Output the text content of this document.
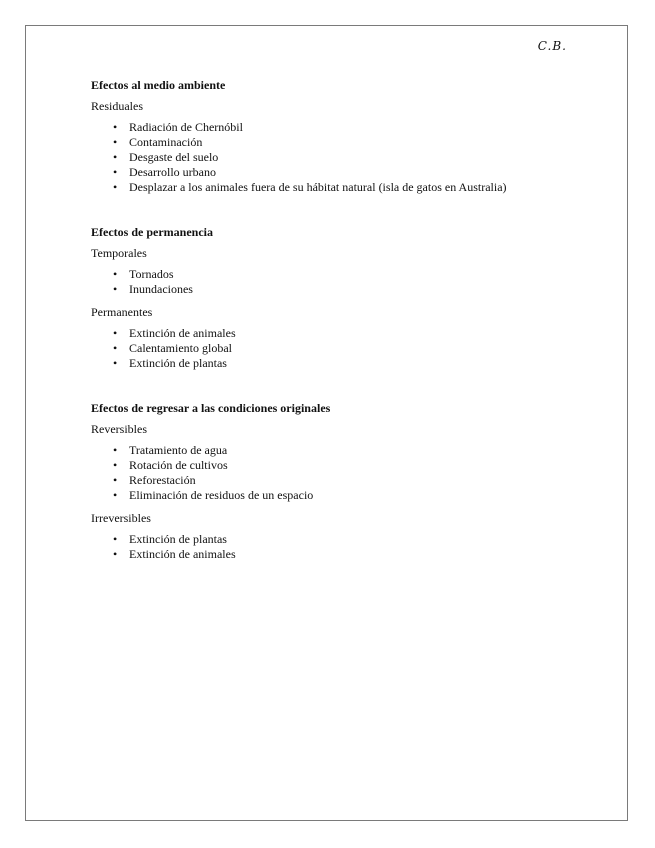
C.B.
Efectos al medio ambiente

Residuales

• Radiación de Chernóbil
• Contaminación
• Desgaste del suelo
• Desarrollo urbano
• Desplazar a los animales fuera de su hábitat natural (isla de gatos en Australia)
Efectos de permanencia

Temporales

• Tornados
• Inundaciones

Permanentes

• Extinción de animales
• Calentamiento global
• Extinción de plantas
Efectos de regresar a las condiciones originales

Reversibles

• Tratamiento de agua
• Rotación de cultivos
• Reforestación
• Eliminación de residuos de un espacio

Irreversibles

• Extinción de plantas
• Extinción de animales
